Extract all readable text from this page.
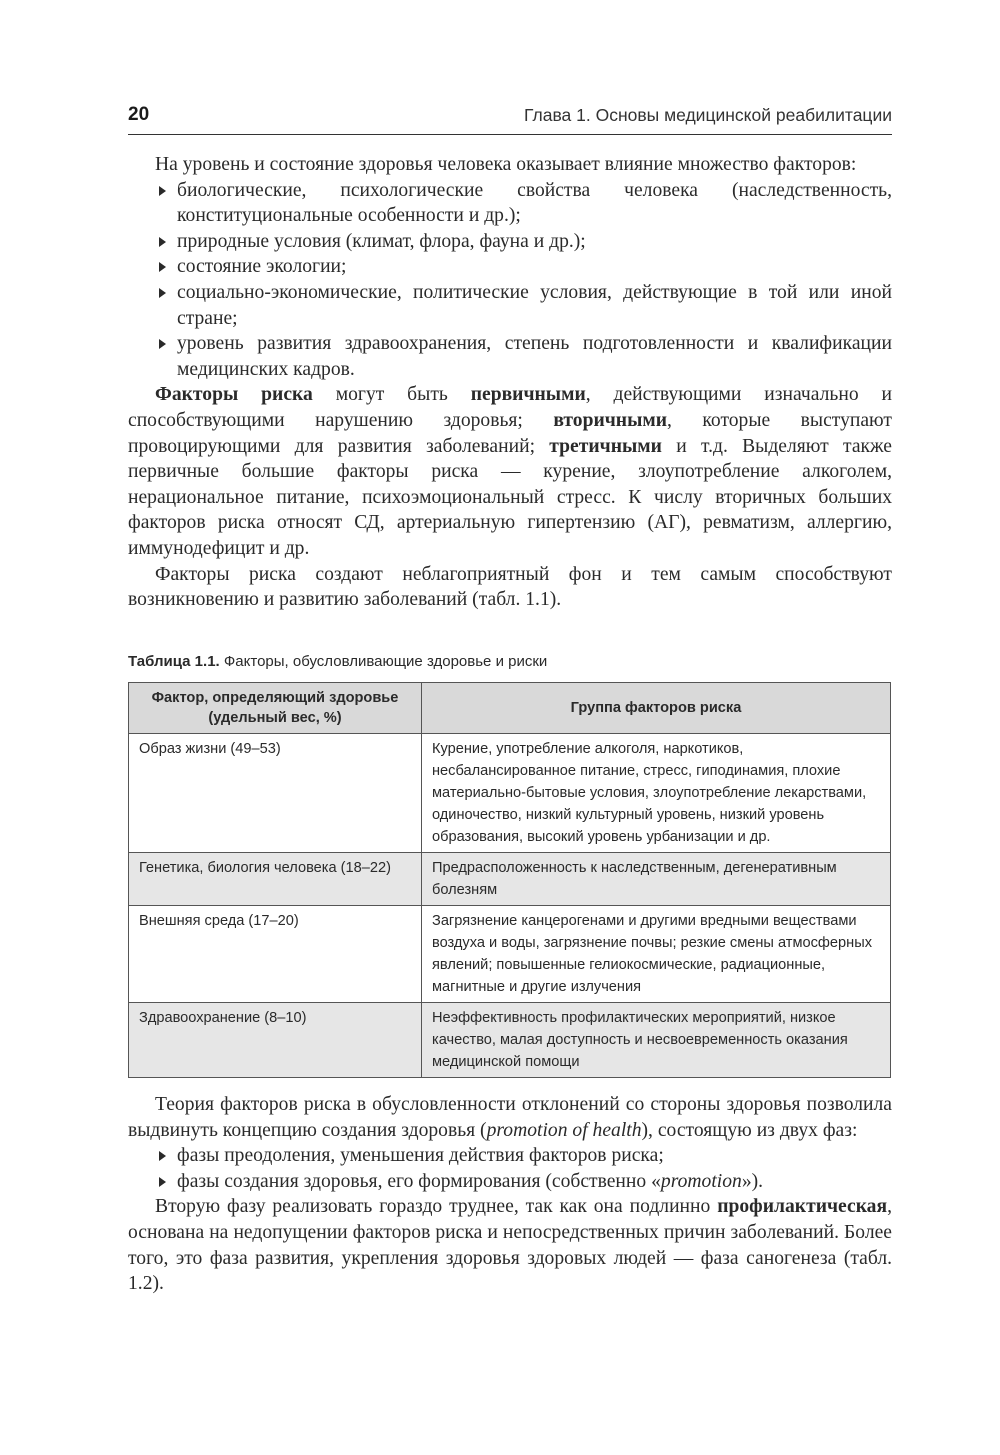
20	Глава 1. Основы медицинской реабилитации

На уровень и состояние здоровья человека оказывает влияние множество факторов:

биологические, психологические свойства человека (наследственность, конституциональные особенности и др.);
природные условия (климат, флора, фауна и др.);
состояние экологии;
социально-экономические, политические условия, действующие в той или иной стране;
уровень развития здравоохранения, степень подготовленности и квалификации медицинских кадров.

Факторы риска могут быть первичными, действующими изначально и способствующими нарушению здоровья; вторичными, которые выступают провоцирующими для развития заболеваний; третичными и т.д. Выделяют также первичные большие факторы риска — курение, злоупотребление алкоголем, нерациональное питание, психоэмоциональный стресс. К числу вторичных больших факторов риска относят СД, артериальную гипертензию (АГ), ревматизм, аллергию, иммунодефицит и др.

Факторы риска создают неблагоприятный фон и тем самым способствуют возникновению и развитию заболеваний (табл. 1.1).

Таблица 1.1. Факторы, обусловливающие здоровье и риски
Фактор, определяющий здоровье (удельный вес, %)	Группа факторов риска
Образ жизни (49–53)	Курение, употребление алкоголя, наркотиков, несбалансированное питание, стресс, гиподинамия, плохие материально-бытовые условия, злоупотребление лекарствами, одиночество, низкий культурный уровень, низкий уровень образования, высокий уровень урбанизации и др.
Генетика, биология человека (18–22)	Предрасположенность к наследственным, дегенеративным болезням
Внешняя среда (17–20)	Загрязнение канцерогенами и другими вредными веществами воздуха и воды, загрязнение почвы; резкие смены атмосферных явлений; повышенные гелиокосмические, радиационные, магнитные и другие излучения
Здравоохранение (8–10)	Неэффективность профилактических мероприятий, низкое качество, малая доступность и несвоевременность оказания медицинской помощи

Теория факторов риска в обусловленности отклонений со стороны здоровья позволила выдвинуть концепцию создания здоровья (promotion of health), состоящую из двух фаз:

фазы преодоления, уменьшения действия факторов риска;
фазы создания здоровья, его формирования (собственно «promotion»).

Вторую фазу реализовать гораздо труднее, так как она подлинно профилактическая, основана на недопущении факторов риска и непосредственных причин заболеваний. Более того, это фаза развития, укрепления здоровья здоровых людей — фаза саногенеза (табл. 1.2).
